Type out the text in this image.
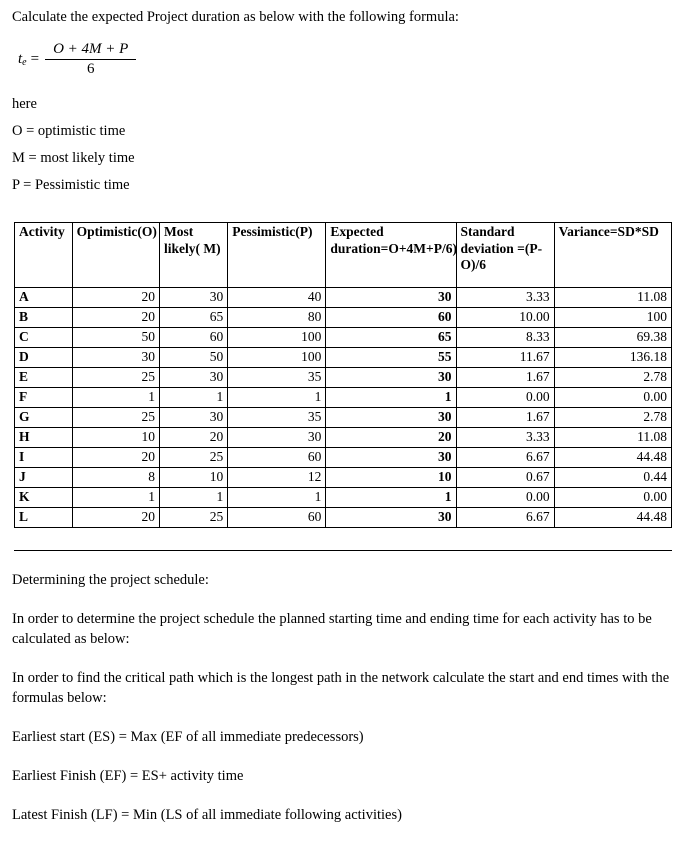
Calculate the expected Project duration as below with the following formula:

$t_e = \frac{O + 4M + P}{6}$

here

O = optimistic time

M = most likely time

P = Pessimistic time

Activity	Optimistic(O)	Most likely( M)	Pessimistic(P)	Expected duration=O+4M+P/6)	Standard deviation =(P-O)/6	Variance=SD*SD
A	20	30	40	30	3.33	11.08
B	20	65	80	60	10.00	100
C	50	60	100	65	8.33	69.38
D	30	50	100	55	11.67	136.18
E	25	30	35	30	1.67	2.78
F	1	1	1	1	0.00	0.00
G	25	30	35	30	1.67	2.78
H	10	20	30	20	3.33	11.08
I	20	25	60	30	6.67	44.48
J	8	10	12	10	0.67	0.44
K	1	1	1	1	0.00	0.00
L	20	25	60	30	6.67	44.48

Determining the project schedule:

In order to determine the project schedule the planned starting time and ending time for each activity has to be calculated as below:

In order to find the critical path which is the longest path in the network calculate the start and end times with the formulas below:

Earliest start (ES) = Max (EF of all immediate predecessors)

Earliest Finish (EF) = ES+ activity time

Latest Finish (LF) = Min (LS of all immediate following activities)
